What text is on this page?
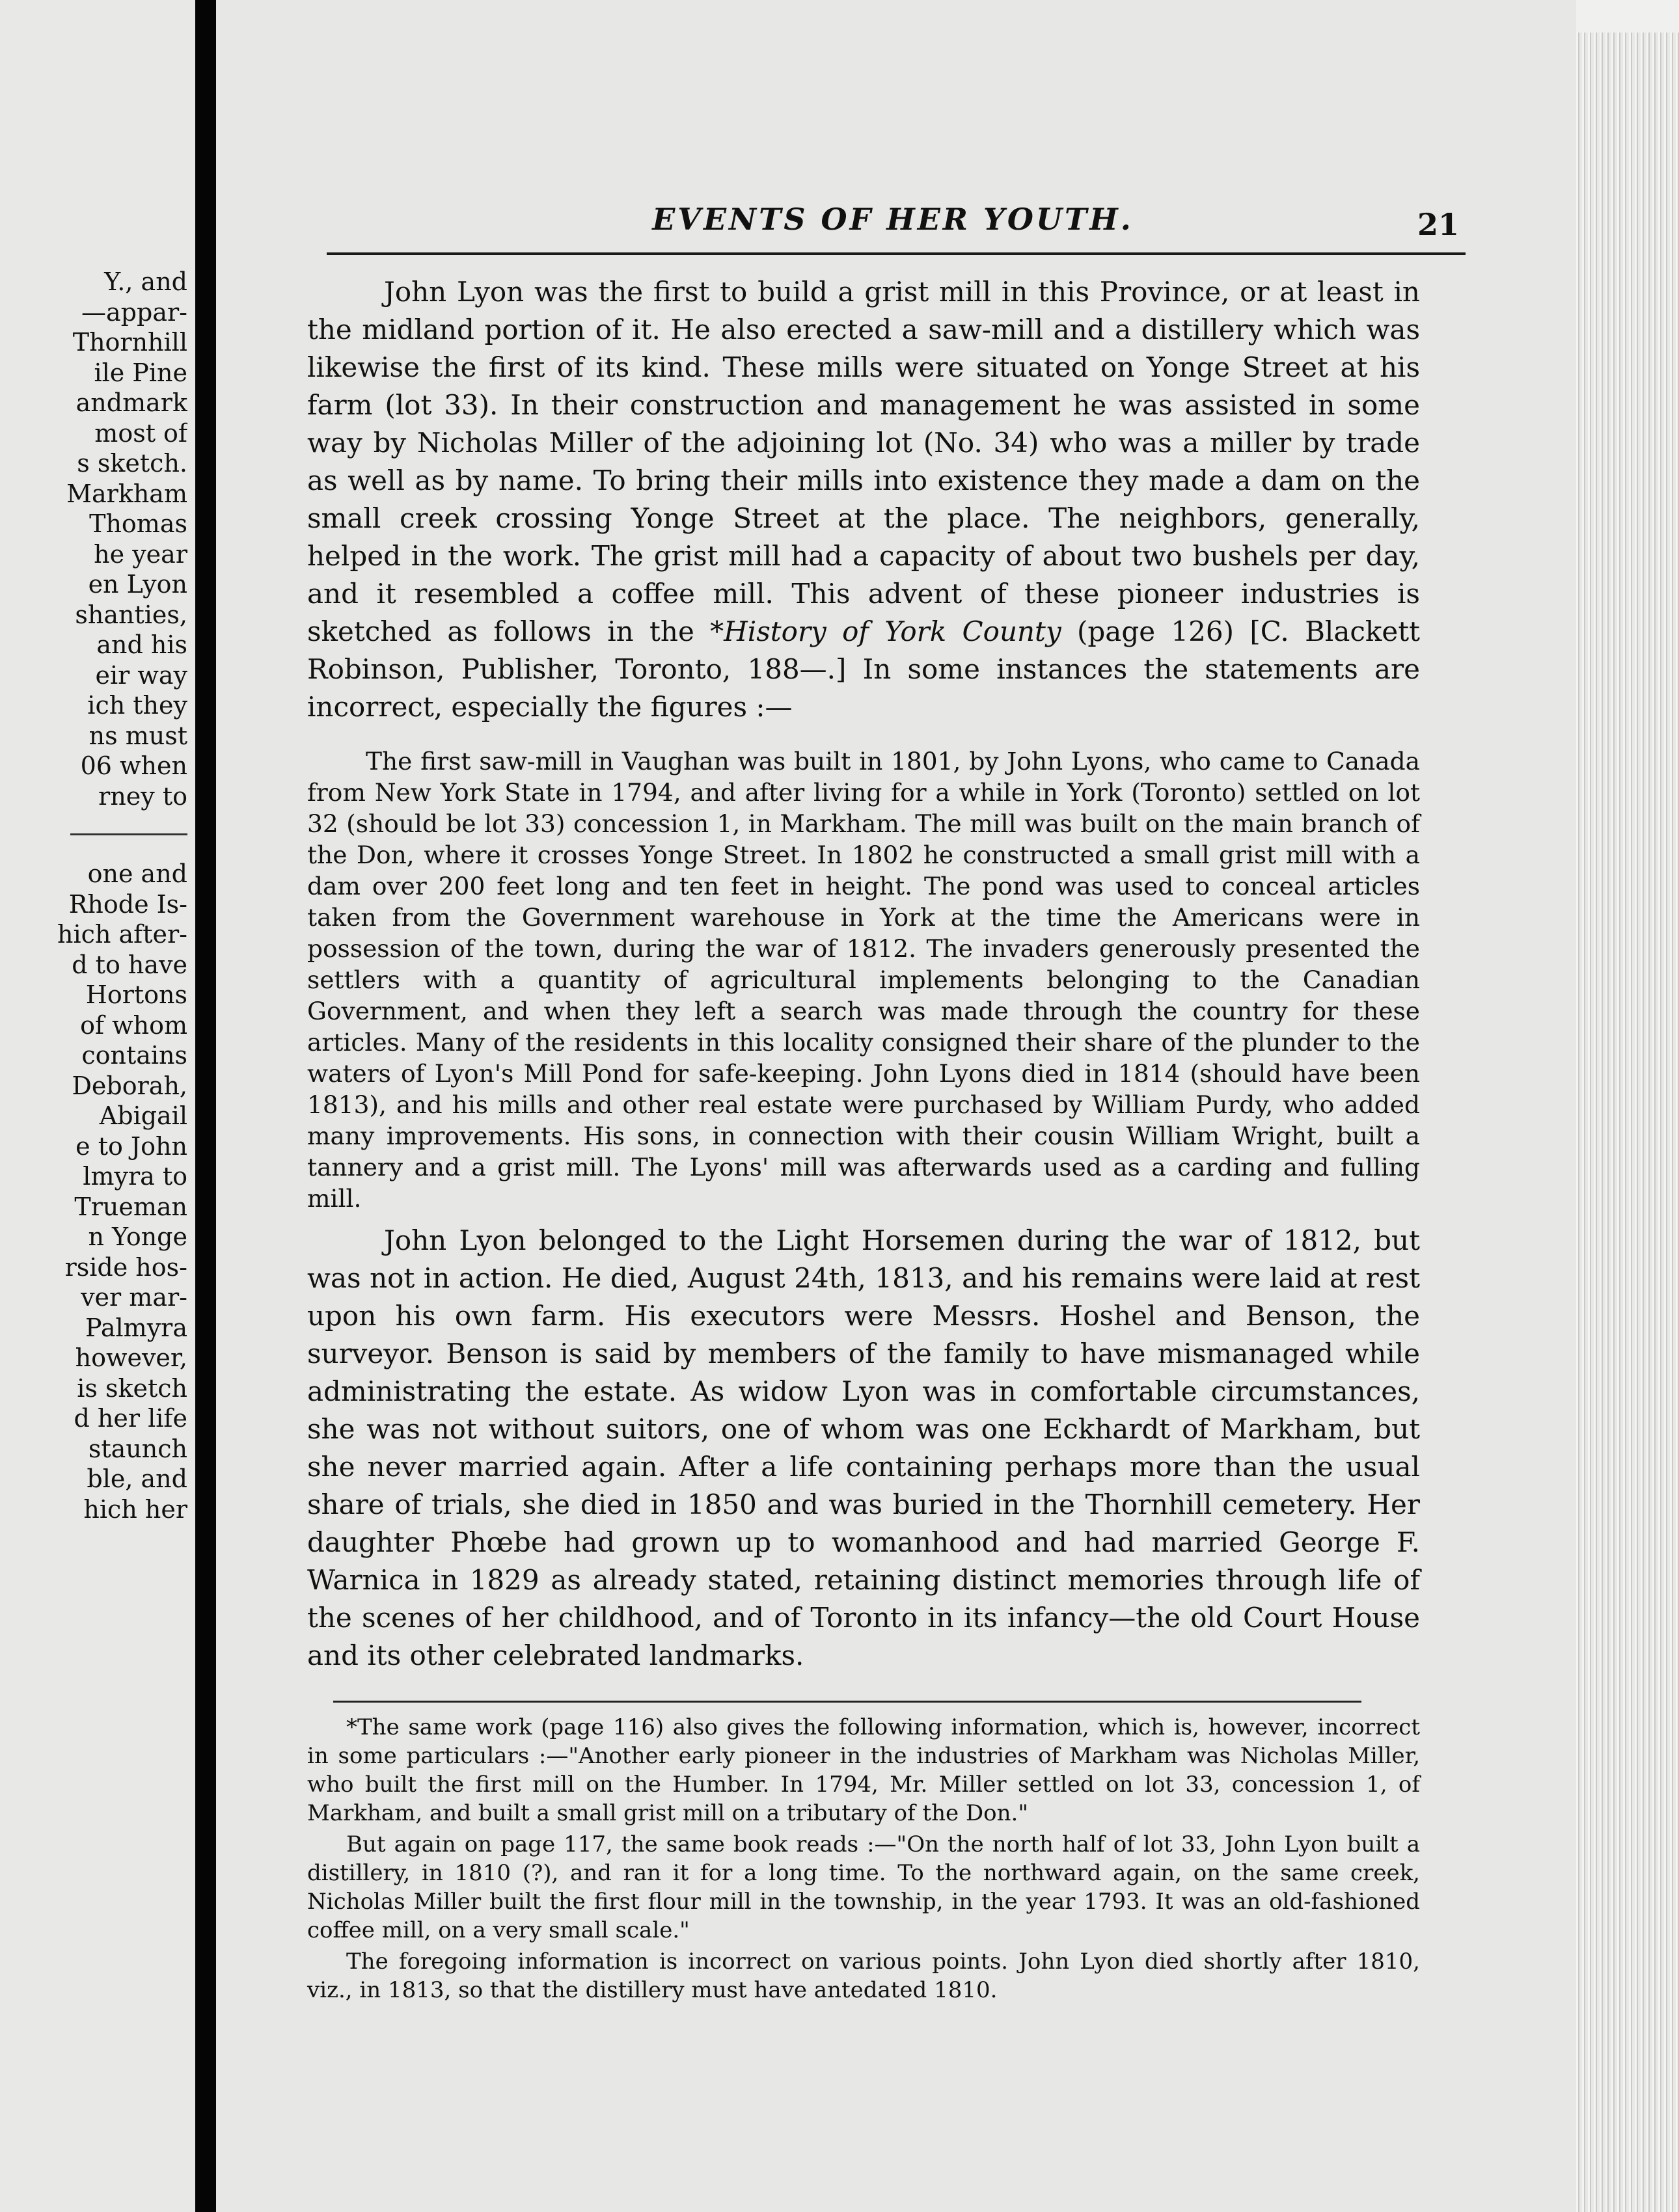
Y., and
—appar-
Thornhill
ile Pine
andmark
most of
s sketch.
Markham
Thomas
he year
en Lyon
shanties,
and his
eir way
ich they
ns must
06 when
rney to
one and
Rhode Is-
hich after-
d to have
Hortons
of whom
contains
Deborah,
Abigail
e to John
lmyra to
Trueman
n Yonge
rside hos-
ver mar-
Palmyra
however,
is sketch
d her life
staunch
ble, and
hich her
EVENTS OF HER YOUTH.	21

John Lyon was the first to build a grist mill in this Province, or at least in the midland portion of it. He also erected a saw-mill and a distillery which was likewise the first of its kind. These mills were situated on Yonge Street at his farm (lot 33). In their construction and management he was assisted in some way by Nicholas Miller of the adjoining lot (No. 34) who was a miller by trade as well as by name. To bring their mills into existence they made a dam on the small creek crossing Yonge Street at the place. The neighbors, generally, helped in the work. The grist mill had a capacity of about two bushels per day, and it resembled a coffee mill. This advent of these pioneer industries is sketched as follows in the *History of York County (page 126) [C. Blackett Robinson, Publisher, Toronto, 188—.] In some instances the statements are incorrect, especially the figures :—

The first saw-mill in Vaughan was built in 1801, by John Lyons, who came to Canada from New York State in 1794, and after living for a while in York (Toronto) settled on lot 32 (should be lot 33) concession 1, in Markham. The mill was built on the main branch of the Don, where it crosses Yonge Street. In 1802 he constructed a small grist mill with a dam over 200 feet long and ten feet in height. The pond was used to conceal articles taken from the Government warehouse in York at the time the Americans were in possession of the town, during the war of 1812. The invaders generously presented the settlers with a quantity of agricultural implements belonging to the Canadian Government, and when they left a search was made through the country for these articles. Many of the residents in this locality consigned their share of the plunder to the waters of Lyon's Mill Pond for safe-keeping. John Lyons died in 1814 (should have been 1813), and his mills and other real estate were purchased by William Purdy, who added many improvements. His sons, in connection with their cousin William Wright, built a tannery and a grist mill. The Lyons' mill was afterwards used as a carding and fulling mill.

John Lyon belonged to the Light Horsemen during the war of 1812, but was not in action. He died, August 24th, 1813, and his remains were laid at rest upon his own farm. His executors were Messrs. Hoshel and Benson, the surveyor. Benson is said by members of the family to have mismanaged while administrating the estate. As widow Lyon was in comfortable circumstances, she was not without suitors, one of whom was one Eckhardt of Markham, but she never married again. After a life containing perhaps more than the usual share of trials, she died in 1850 and was buried in the Thornhill cemetery. Her daughter Phœbe had grown up to womanhood and had married George F. Warnica in 1829 as already stated, retaining distinct memories through life of the scenes of her childhood, and of Toronto in its infancy—the old Court House and its other celebrated landmarks.

*The same work (page 116) also gives the following information, which is, however, incorrect in some particulars :—"Another early pioneer in the industries of Markham was Nicholas Miller, who built the first mill on the Humber. In 1794, Mr. Miller settled on lot 33, concession 1, of Markham, and built a small grist mill on a tributary of the Don."

But again on page 117, the same book reads :—"On the north half of lot 33, John Lyon built a distillery, in 1810 (?), and ran it for a long time. To the northward again, on the same creek, Nicholas Miller built the first flour mill in the township, in the year 1793. It was an old-fashioned coffee mill, on a very small scale."

The foregoing information is incorrect on various points. John Lyon died shortly after 1810, viz., in 1813, so that the distillery must have antedated 1810.
